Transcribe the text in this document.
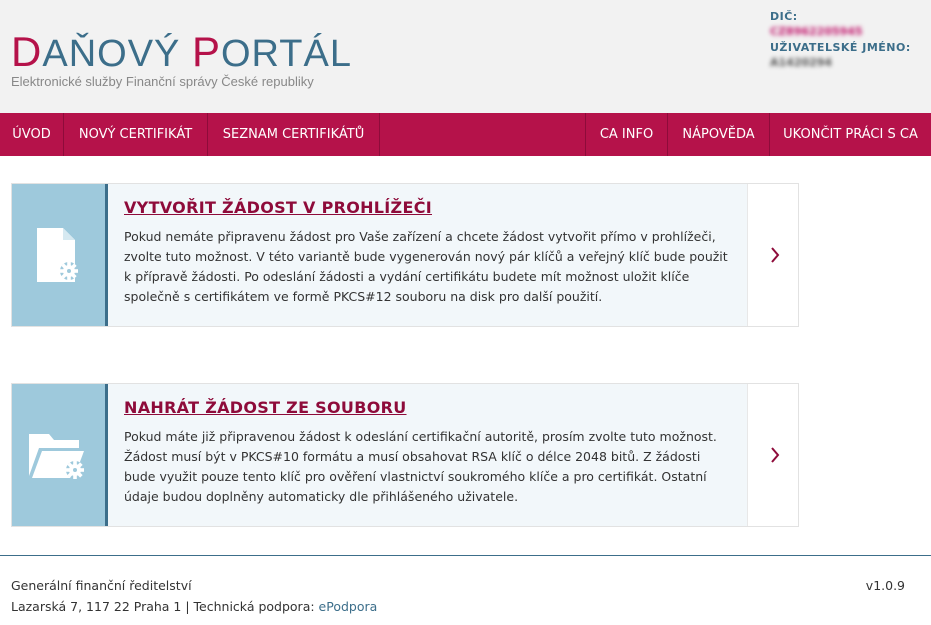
DAŇOVÝ PORTÁL
Elektronické služby Finanční správy České republiky
DIČ:
CZ8962205945
UŽIVATELSKÉ JMÉNO:
A1420294
ÚVOD	NOVÝ CERTIFIKÁT	SEZNAM CERTIFIKÁTŮ	CA INFO	NÁPOVĚDA	UKONČIT PRÁCI S CA
VYTVOŘIT ŽÁDOST V PROHLÍŽEČI
Pokud nemáte připravenu žádost pro Vaše zařízení a chcete žádost vytvořit přímo v prohlížeči, zvolte tuto možnost. V této variantě bude vygenerován nový pár klíčů a veřejný klíč bude použit k přípravě žádosti. Po odeslání žádosti a vydání certifikátu budete mít možnost uložit klíče společně s certifikátem ve formě PKCS#12 souboru na disk pro další použití.
NAHRÁT ŽÁDOST ZE SOUBORU
Pokud máte již připravenou žádost k odeslání certifikační autoritě, prosím zvolte tuto možnost. Žádost musí být v PKCS#10 formátu a musí obsahovat RSA klíč o délce 2048 bitů. Z žádosti bude využit pouze tento klíč pro ověření vlastnictví soukromého klíče a pro certifikát. Ostatní údaje budou doplněny automaticky dle přihlášeného uživatele.
Generální finanční ředitelství
Lazarská 7, 117 22 Praha 1 | Technická podpora: ePodpora
v1.0.9
